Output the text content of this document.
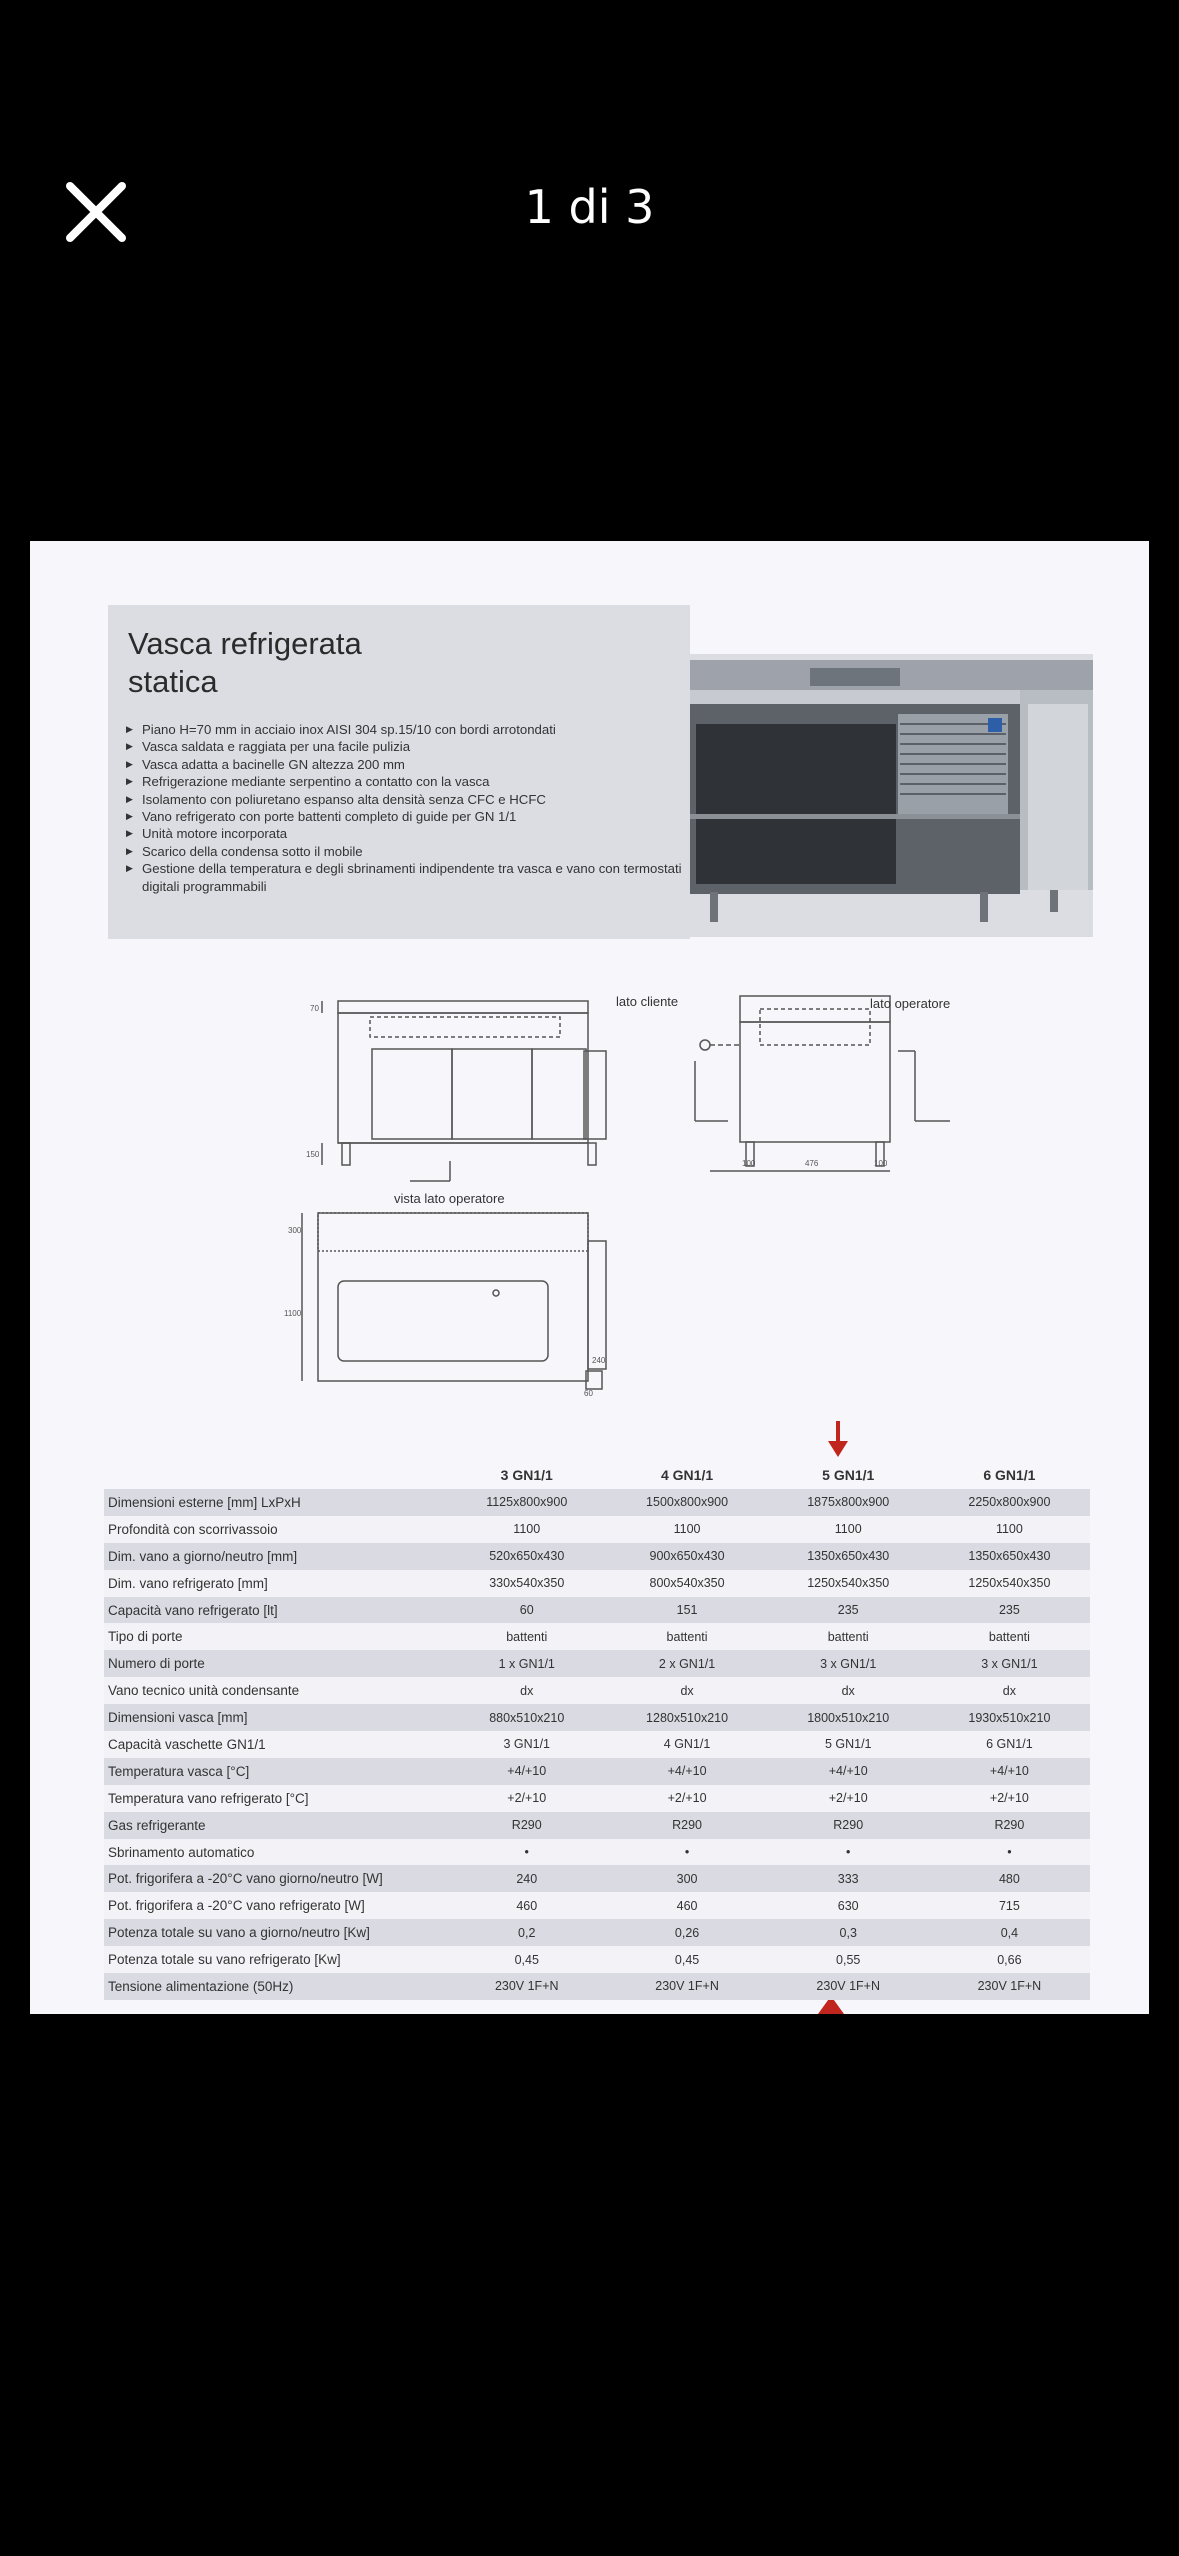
1 di 3
Vasca refrigerata
statica
▶ Piano H=70 mm in acciaio inox AISI 304 sp.15/10 con bordi arrotondati
▶ Vasca saldata e raggiata per una facile pulizia
▶ Vasca adatta a bacinelle GN altezza 200 mm
▶ Refrigerazione mediante serpentino a contatto con la vasca
▶ Isolamento con poliuretano espanso alta densità senza CFC e HCFC
▶ Vano refrigerato con porte battenti completo di guide per GN 1/1
▶ Unità motore incorporata
▶ Scarico della condensa sotto il mobile
▶ Gestione della temperatura e degli sbrinamenti indipendente tra vasca e vano con termostati digitali programmabili
70
150
300
1100
476
100	100
240
60
lato cliente	lato operatore
vista lato operatore
	3 GN1/1	4 GN1/1	5 GN1/1	6 GN1/1
Dimensioni esterne [mm] LxPxH	1125x800x900	1500x800x900	1875x800x900	2250x800x900
Profondità con scorrivassoio	1100	1100	1100	1100
Dim. vano a giorno/neutro [mm]	520x650x430	900x650x430	1350x650x430	1350x650x430
Dim. vano refrigerato [mm]	330x540x350	800x540x350	1250x540x350	1250x540x350
Capacità vano refrigerato [lt]	60	151	235	235
Tipo di porte	battenti	battenti	battenti	battenti
Numero di porte	1 x GN1/1	2 x GN1/1	3 x GN1/1	3 x GN1/1
Vano tecnico unità condensante	dx	dx	dx	dx
Dimensioni vasca [mm]	880x510x210	1280x510x210	1800x510x210	1930x510x210
Capacità vaschette GN1/1	3 GN1/1	4 GN1/1	5 GN1/1	6 GN1/1
Temperatura vasca [°C]	+4/+10	+4/+10	+4/+10	+4/+10
Temperatura vano refrigerato [°C]	+2/+10	+2/+10	+2/+10	+2/+10
Gas refrigerante	R290	R290	R290	R290
Sbrinamento automatico	•	•	•	•
Pot. frigorifera a -20°C vano giorno/neutro [W]	240	300	333	480
Pot. frigorifera a -20°C vano refrigerato [W]	460	460	630	715
Potenza totale su vano a giorno/neutro [Kw]	0,2	0,26	0,3	0,4
Potenza totale su vano refrigerato [Kw]	0,45	0,45	0,55	0,66
Tensione alimentazione (50Hz)	230V 1F+N	230V 1F+N	230V 1F+N	230V 1F+N
